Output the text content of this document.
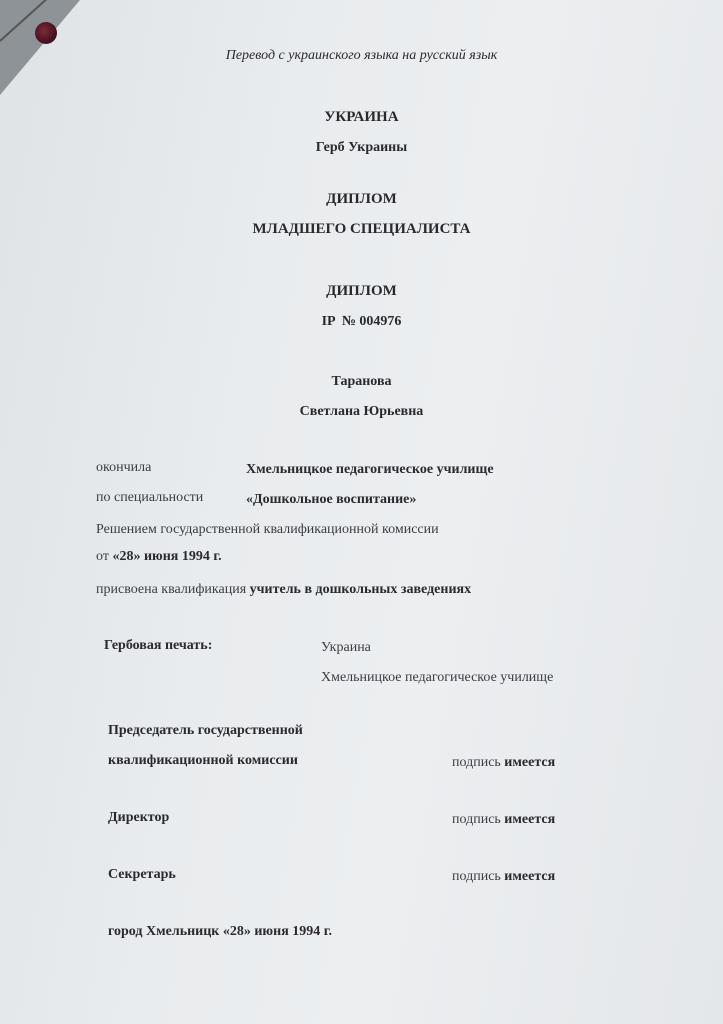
Перевод с украинского языка на русский язык
УКРАИНА
Герб Украины
ДИПЛОМ
МЛАДШЕГО СПЕЦИАЛИСТА
ДИПЛОМ
IP  № 004976
Таранова
Светлана Юрьевна
окончила	Хмельницкое педагогическое училище
по специальности	«Дошкольное воспитание»
Решением государственной квалификационной комиссии
от «28» июня 1994 г.
присвоена квалификация учитель в дошкольных заведениях
Гербовая печать:	Украина
Хмельницкое педагогическое училище
Председатель государственной
квалификационной комиссии	подпись имеется
Директор	подпись имеется
Секретарь	подпись имеется
город Хмельницк «28» июня 1994 г.
